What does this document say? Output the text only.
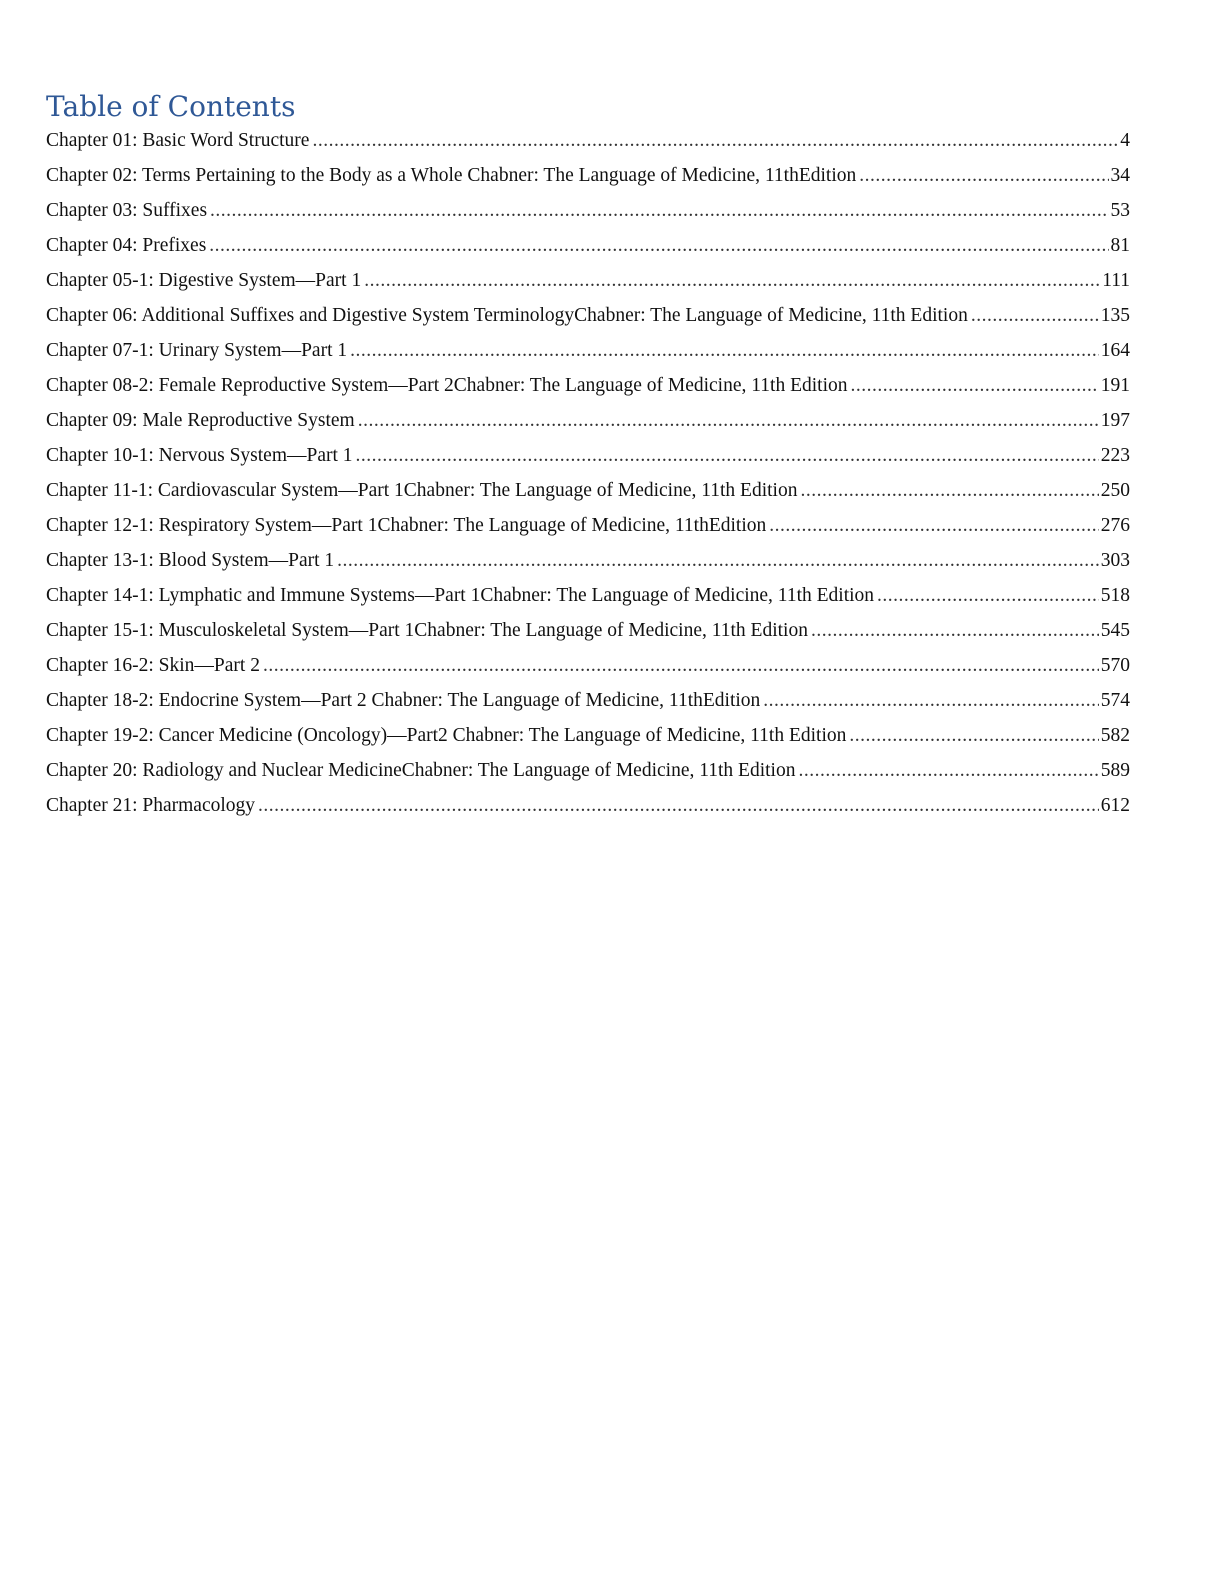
Table of Contents
Chapter 01: Basic Word Structure .....	4
Chapter 02: Terms Pertaining to the Body as a Whole Chabner: The Language of Medicine, 11thEdition .....	34
Chapter 03: Suffixes .....	53
Chapter 04: Prefixes .....	81
Chapter 05-1: Digestive System—Part 1 .....	111
Chapter 06: Additional Suffixes and Digestive System TerminologyChabner: The Language of Medicine, 11th Edition .....	135
Chapter 07-1: Urinary System—Part 1 .....	164
Chapter 08-2: Female Reproductive System—Part 2Chabner: The Language of Medicine, 11th Edition .....	191
Chapter 09: Male Reproductive System .....	197
Chapter 10-1: Nervous System—Part 1 .....	223
Chapter 11-1: Cardiovascular System—Part 1Chabner: The Language of Medicine, 11th Edition .....	250
Chapter 12-1: Respiratory System—Part 1Chabner: The Language of Medicine, 11thEdition .....	276
Chapter 13-1: Blood System—Part 1 .....	303
Chapter 14-1: Lymphatic and Immune Systems—Part 1Chabner: The Language of Medicine, 11th Edition .....	518
Chapter 15-1: Musculoskeletal System—Part 1Chabner: The Language of Medicine, 11th Edition .....	545
Chapter 16-2: Skin—Part 2 .....	570
Chapter 18-2: Endocrine System—Part 2 Chabner: The Language of Medicine, 11thEdition .....	574
Chapter 19-2: Cancer Medicine (Oncology)—Part2 Chabner: The Language of Medicine, 11th Edition .....	582
Chapter 20: Radiology and Nuclear MedicineChabner: The Language of Medicine, 11th Edition .....	589
Chapter 21: Pharmacology .....	612
